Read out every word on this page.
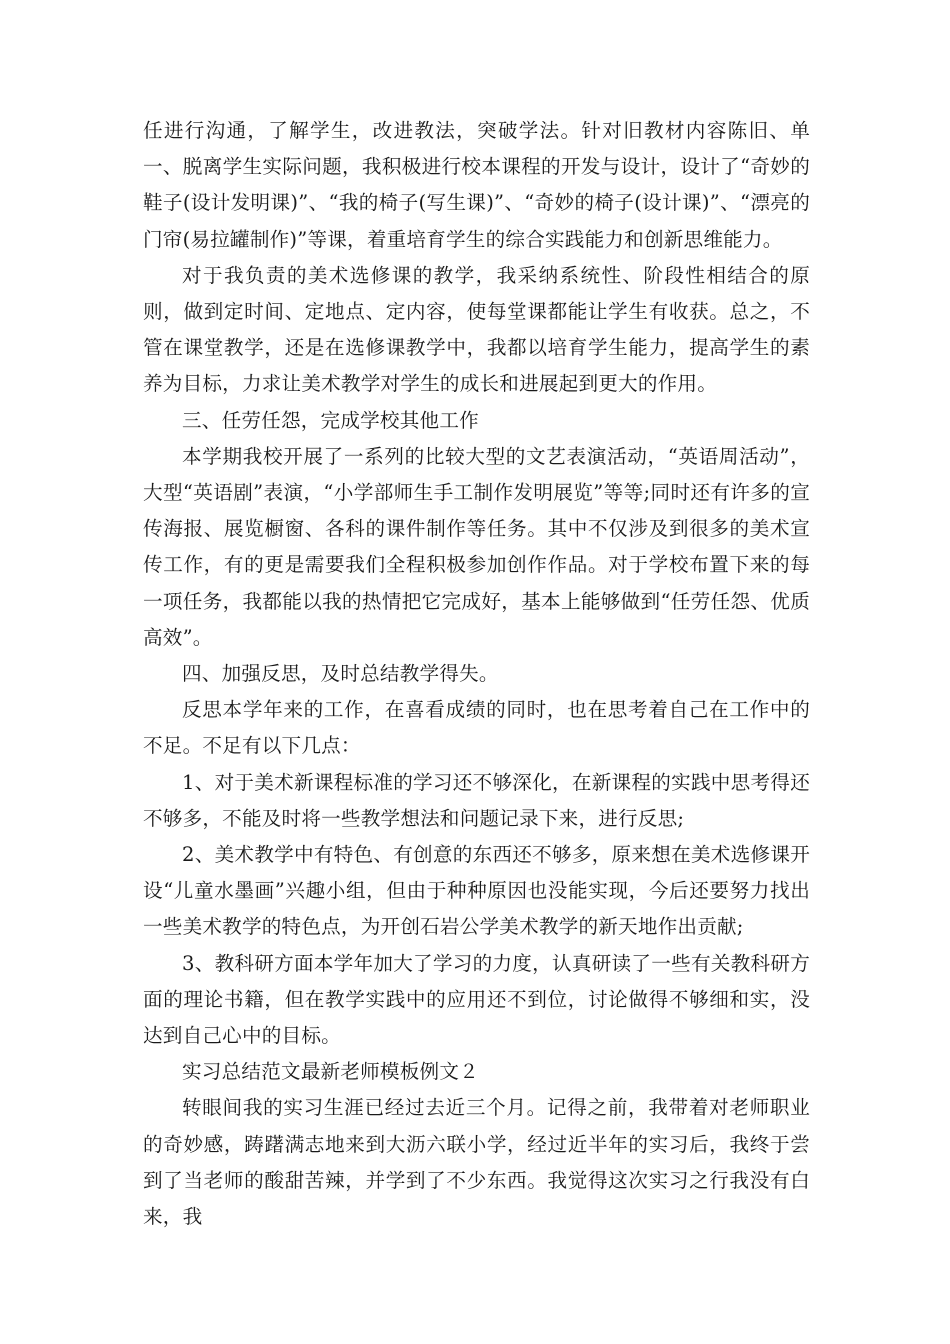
任进行沟通，了解学生，改进教法，突破学法。针对旧教材内容陈旧、单一、脱离学生实际问题，我积极进行校本课程的开发与设计，设计了“奇妙的鞋子(设计发明课)”、“我的椅子(写生课)”、“奇妙的椅子(设计课)”、“漂亮的门帘(易拉罐制作)”等课，着重培育学生的综合实践能力和创新思维能力。

对于我负责的美术选修课的教学，我采纳系统性、阶段性相结合的原则，做到定时间、定地点、定内容，使每堂课都能让学生有收获。总之，不管在课堂教学，还是在选修课教学中，我都以培育学生能力，提高学生的素养为目标，力求让美术教学对学生的成长和进展起到更大的作用。

三、任劳任怨，完成学校其他工作

本学期我校开展了一系列的比较大型的文艺表演活动，“英语周活动”，大型“英语剧”表演，“小学部师生手工制作发明展览”等等;同时还有许多的宣传海报、展览橱窗、各科的课件制作等任务。其中不仅涉及到很多的美术宣传工作，有的更是需要我们全程积极参加创作作品。对于学校布置下来的每一项任务，我都能以我的热情把它完成好，基本上能够做到“任劳任怨、优质高效”。

四、加强反思，及时总结教学得失。

反思本学年来的工作，在喜看成绩的同时，也在思考着自己在工作中的不足。不足有以下几点：

1、对于美术新课程标准的学习还不够深化，在新课程的实践中思考得还不够多，不能及时将一些教学想法和问题记录下来，进行反思;

2、美术教学中有特色、有创意的东西还不够多，原来想在美术选修课开设“儿童水墨画”兴趣小组，但由于种种原因也没能实现，今后还要努力找出一些美术教学的特色点，为开创石岩公学美术教学的新天地作出贡献;

3、教科研方面本学年加大了学习的力度，认真研读了一些有关教科研方面的理论书籍，但在教学实践中的应用还不到位，讨论做得不够细和实，没达到自己心中的目标。

实习总结范文最新老师模板例文２

转眼间我的实习生涯已经过去近三个月。记得之前，我带着对老师职业的奇妙感，踌躇满志地来到大沥六联小学，经过近半年的实习后，我终于尝到了当老师的酸甜苦辣，并学到了不少东西。我觉得这次实习之行我没有白来，我
